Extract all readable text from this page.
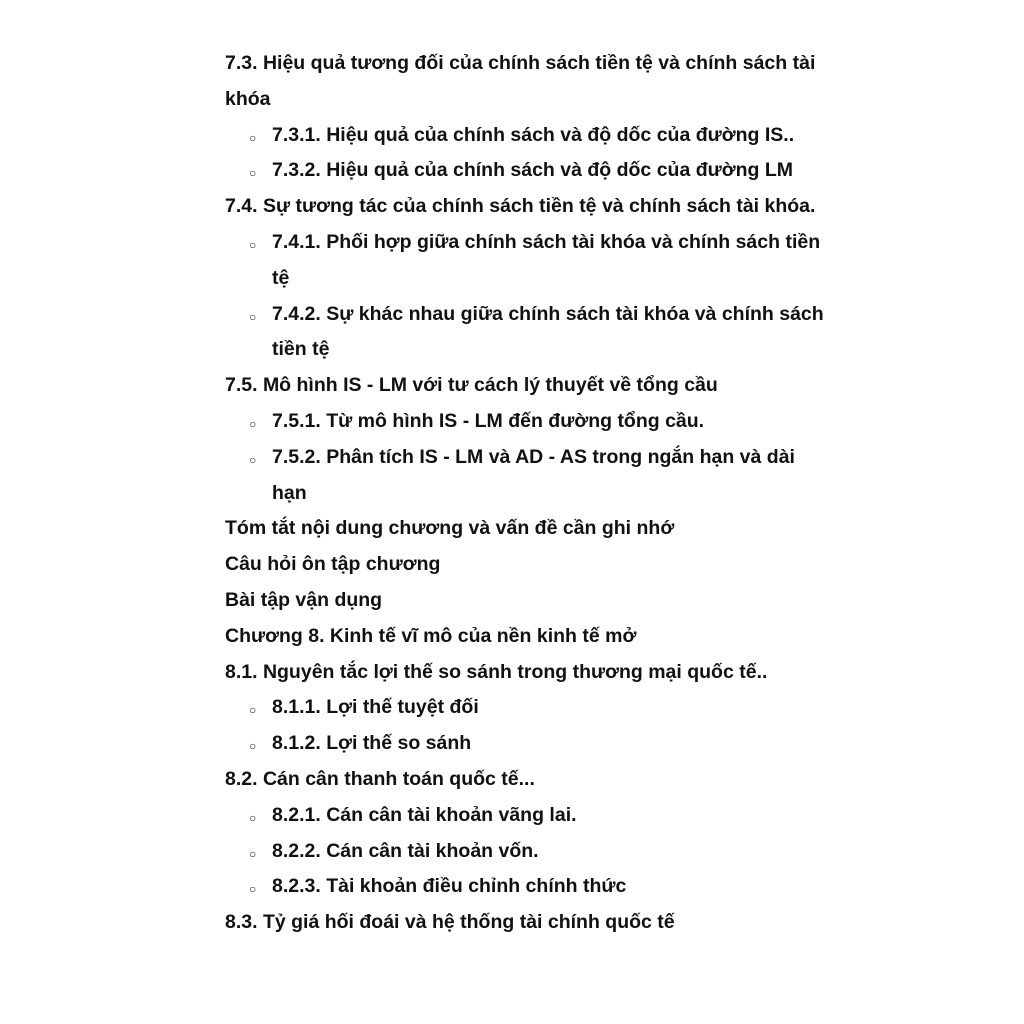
7.3. Hiệu quả tương đối của chính sách tiền tệ và chính sách tài khóa
○ 7.3.1. Hiệu quả của chính sách và độ dốc của đường IS..
○ 7.3.2. Hiệu quả của chính sách và độ dốc của đường LM
7.4. Sự tương tác của chính sách tiền tệ và chính sách tài khóa.
○ 7.4.1. Phối hợp giữa chính sách tài khóa và chính sách tiền tệ
○ 7.4.2. Sự khác nhau giữa chính sách tài khóa và chính sách tiền tệ
7.5. Mô hình IS - LM với tư cách lý thuyết về tổng cầu
○ 7.5.1. Từ mô hình IS - LM đến đường tổng cầu.
○ 7.5.2. Phân tích IS - LM và AD - AS trong ngắn hạn và dài hạn
Tóm tắt nội dung chương và vấn đề cần ghi nhớ
Câu hỏi ôn tập chương
Bài tập vận dụng
Chương 8. Kinh tế vĩ mô của nền kinh tế mở
8.1. Nguyên tắc lợi thế so sánh trong thương mại quốc tế..
○ 8.1.1. Lợi thế tuyệt đối
○ 8.1.2. Lợi thế so sánh
8.2. Cán cân thanh toán quốc tế...
○ 8.2.1. Cán cân tài khoản vãng lai.
○ 8.2.2. Cán cân tài khoản vốn.
○ 8.2.3. Tài khoản điều chỉnh chính thức
8.3. Tỷ giá hối đoái và hệ thống tài chính quốc tế
